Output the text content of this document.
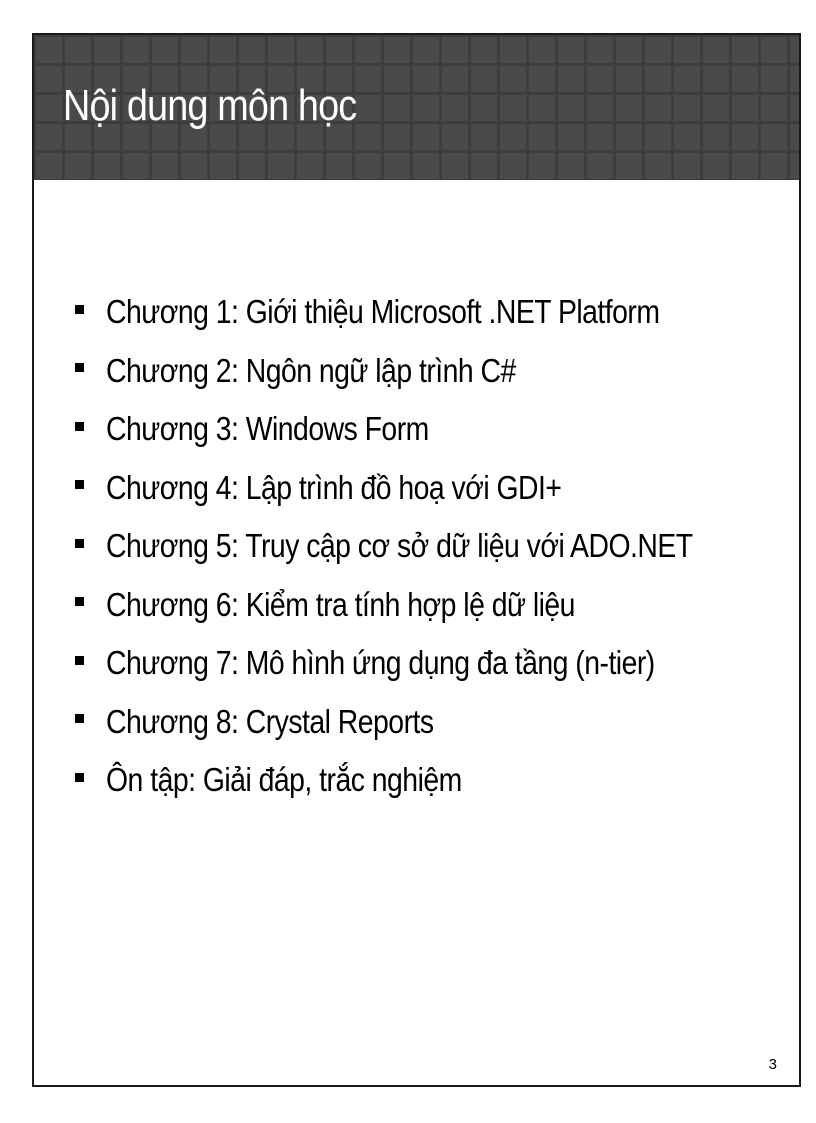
Nội dung môn học
Chương 1: Giới thiệu Microsoft .NET Platform
Chương 2: Ngôn ngữ lập trình C#
Chương 3: Windows Form
Chương 4: Lập trình đồ hoạ với GDI+
Chương 5: Truy cập cơ sở dữ liệu với ADO.NET
Chương 6: Kiểm tra tính hợp lệ dữ liệu
Chương 7: Mô hình ứng dụng đa tầng (n-tier)
Chương 8: Crystal Reports
Ôn tập: Giải đáp, trắc nghiệm
3
